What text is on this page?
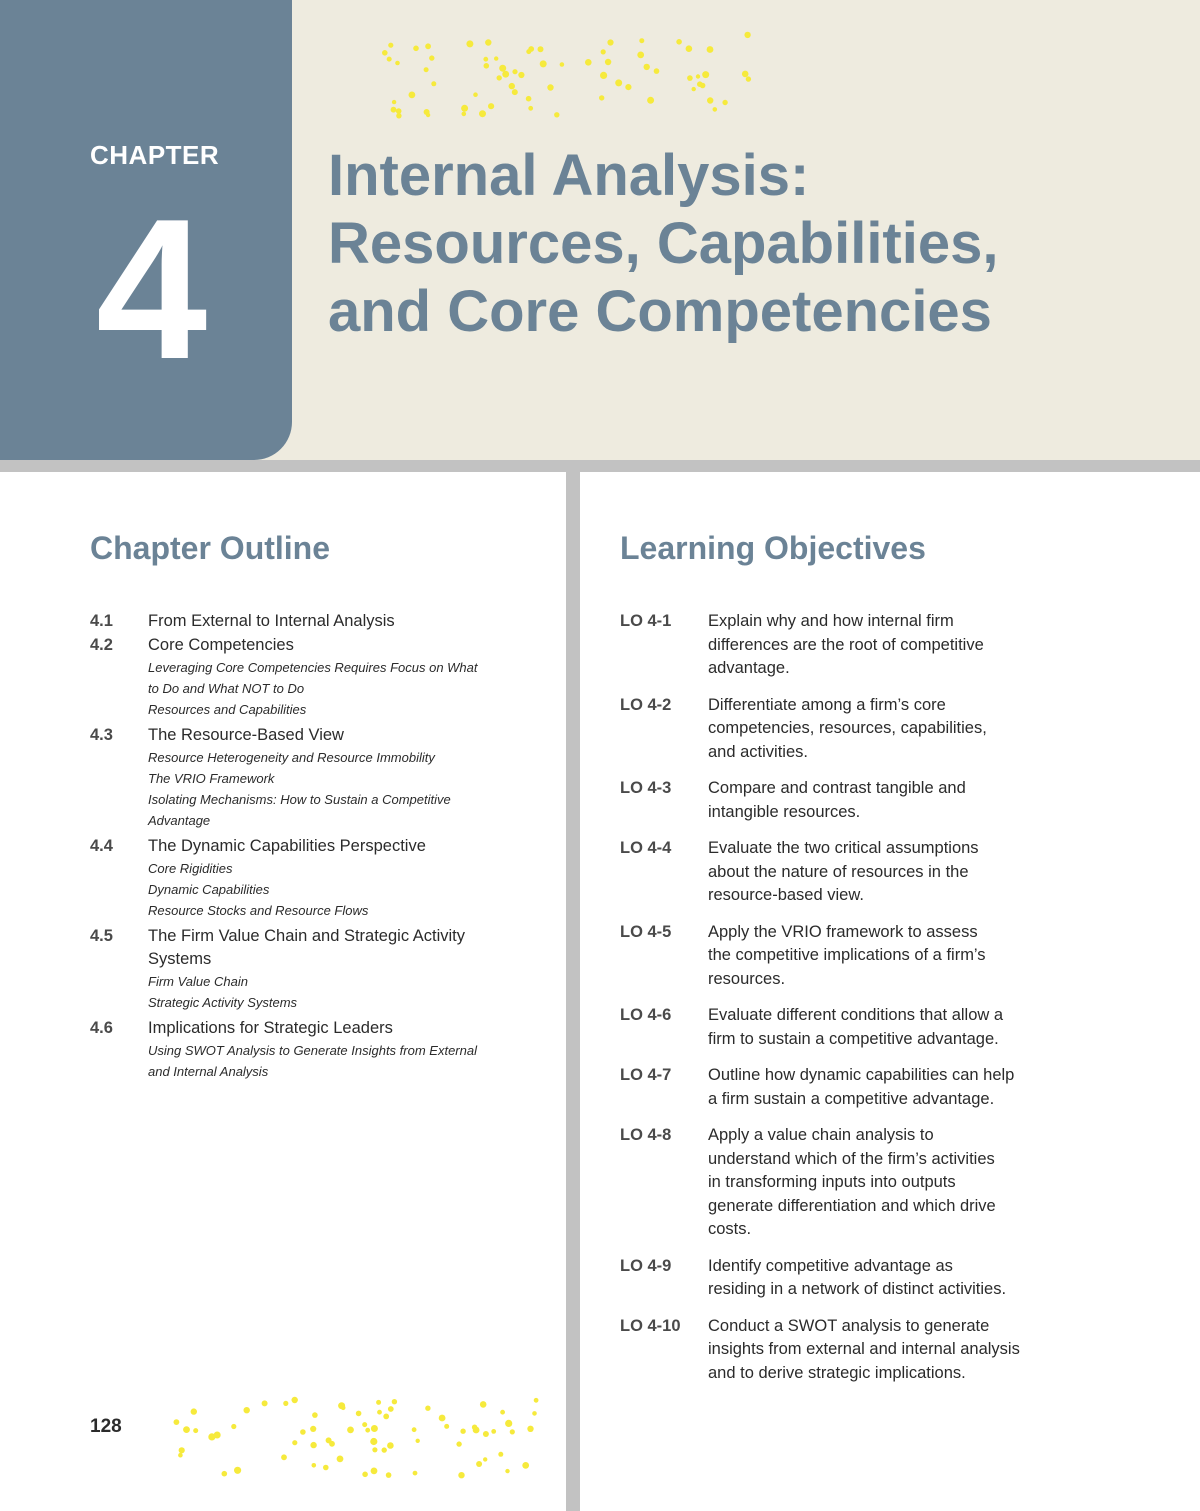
CHAPTER
4
Internal Analysis:
Resources, Capabilities,
and Core Competencies
Chapter Outline
4.1	From External to Internal Analysis
4.2	Core Competencies
Leveraging Core Competencies Requires Focus on What
to Do and What NOT to Do
Resources and Capabilities
4.3	The Resource-Based View
Resource Heterogeneity and Resource Immobility
The VRIO Framework
Isolating Mechanisms: How to Sustain a Competitive
Advantage
4.4	The Dynamic Capabilities Perspective
Core Rigidities
Dynamic Capabilities
Resource Stocks and Resource Flows
4.5	The Firm Value Chain and Strategic Activity Systems
Firm Value Chain
Strategic Activity Systems
4.6	Implications for Strategic Leaders
Using SWOT Analysis to Generate Insights from External
and Internal Analysis
Learning Objectives
LO 4-1	Explain why and how internal firm
differences are the root of competitive
advantage.
LO 4-2	Differentiate among a firm’s core
competencies, resources, capabilities,
and activities.
LO 4-3	Compare and contrast tangible and
intangible resources.
LO 4-4	Evaluate the two critical assumptions
about the nature of resources in the
resource-based view.
LO 4-5	Apply the VRIO framework to assess
the competitive implications of a firm’s
resources.
LO 4-6	Evaluate different conditions that allow a
firm to sustain a competitive advantage.
LO 4-7	Outline how dynamic capabilities can help
a firm sustain a competitive advantage.
LO 4-8	Apply a value chain analysis to
understand which of the firm’s activities
in transforming inputs into outputs
generate differentiation and which drive
costs.
LO 4-9	Identify competitive advantage as
residing in a network of distinct activities.
LO 4-10	Conduct a SWOT analysis to generate
insights from external and internal analysis
and to derive strategic implications.
128
